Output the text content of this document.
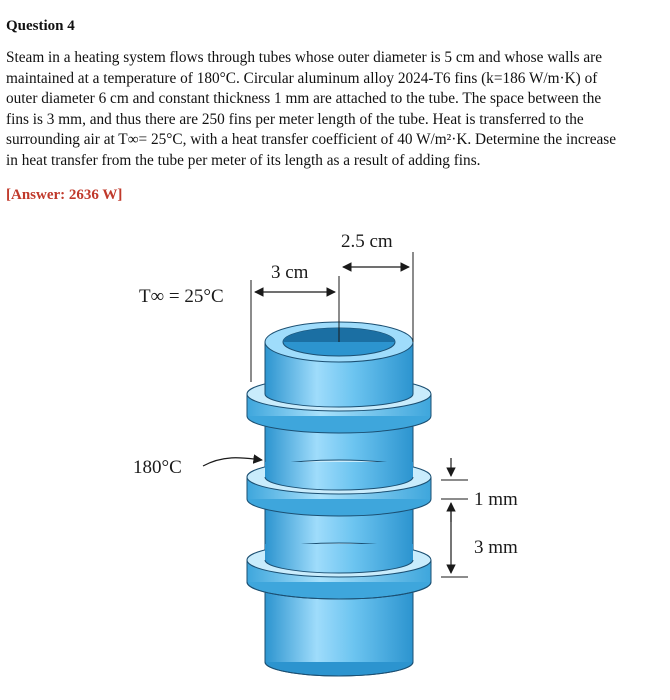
Question 4
Steam in a heating system flows through tubes whose outer diameter is 5 cm and whose walls are
maintained at a temperature of 180°C. Circular aluminum alloy 2024-T6 fins (k=186 W/m·K) of
outer diameter 6 cm and constant thickness 1 mm are attached to the tube. The space between the
fins is 3 mm, and thus there are 250 fins per meter length of the tube. Heat is transferred to the
surrounding air at T∞= 25°C, with a heat transfer coefficient of 40 W/m²·K. Determine the increase
in heat transfer from the tube per meter of its length as a result of adding fins.
[Answer: 2636 W]
2.5 cm
3 cm
T∞ = 25°C
180°C
1 mm
3 mm
